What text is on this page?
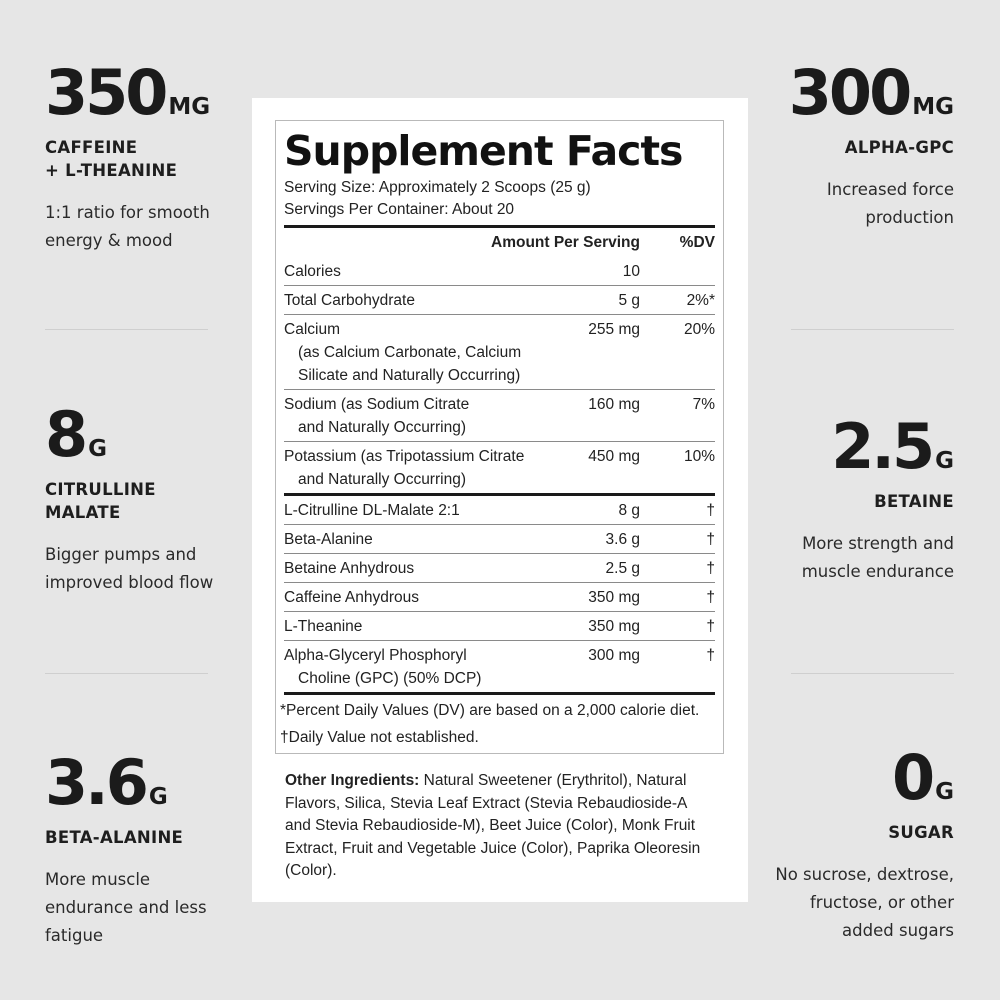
350 MG
CAFFEINE
+ L-THEANINE
1:1 ratio for smooth
energy & mood
8 G
CITRULLINE
MALATE
Bigger pumps and
improved blood flow
3.6 G
BETA-ALANINE
More muscle
endurance and less
fatigue
300 MG
ALPHA-GPC
Increased force
production
2.5 G
BETAINE
More strength and
muscle endurance
0 G
SUGAR
No sucrose, dextrose,
fructose, or other
added sugars
Supplement Facts
Serving Size: Approximately 2 Scoops (25 g)
Servings Per Container: About 20
Amount Per Serving	%DV
Calories	10
Total Carbohydrate	5 g	2%*
Calcium
(as Calcium Carbonate, Calcium
Silicate and Naturally Occurring)
255 mg	20%
Sodium (as Sodium Citrate
and Naturally Occurring)
160 mg	7%
Potassium (as Tripotassium Citrate
and Naturally Occurring)
450 mg	10%
L-Citrulline DL-Malate 2:1	8 g	†
Beta-Alanine	3.6 g	†
Betaine Anhydrous	2.5 g	†
Caffeine Anhydrous	350 mg	†
L-Theanine	350 mg	†
Alpha-Glyceryl Phosphoryl
Choline (GPC) (50% DCP)
300 mg	†
*Percent Daily Values (DV) are based on a 2,000 calorie diet.
†Daily Value not established.
Other Ingredients: Natural Sweetener (Erythritol), Natural Flavors, Silica, Stevia Leaf Extract (Stevia Rebaudioside-A and Stevia Rebaudioside-M), Beet Juice (Color), Monk Fruit Extract, Fruit and Vegetable Juice (Color), Paprika Oleoresin (Color).
